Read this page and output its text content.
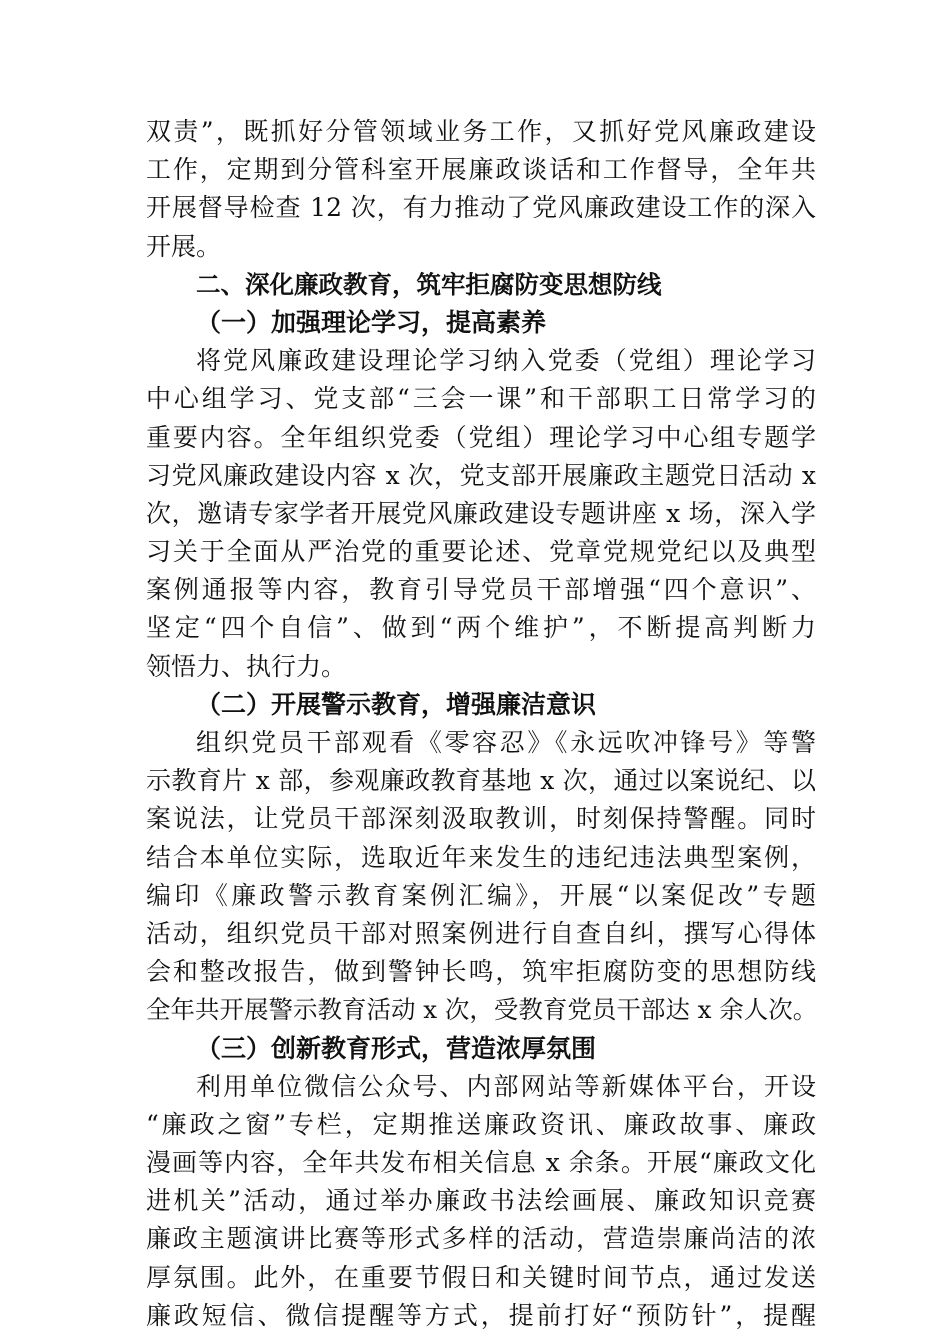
双责”，既抓好分管领域业务工作，又抓好党风廉政建设

工作，定期到分管科室开展廉政谈话和工作督导，全年共

开展督导检查 12 次，有力推动了党风廉政建设工作的深入

开展。

二、深化廉政教育，筑牢拒腐防变思想防线

（一）加强理论学习，提高素养

将党风廉政建设理论学习纳入党委（党组）理论学习

中心组学习、党支部“三会一课”和干部职工日常学习的

重要内容。全年组织党委（党组）理论学习中心组专题学

习党风廉政建设内容 x 次，党支部开展廉政主题党日活动 x

次，邀请专家学者开展党风廉政建设专题讲座 x 场，深入学

习关于全面从严治党的重要论述、党章党规党纪以及典型

案例通报等内容，教育引导党员干部增强“四个意识”、

坚定“四个自信”、做到“两个维护”，不断提高判断力

领悟力、执行力。

（二）开展警示教育，增强廉洁意识

组织党员干部观看《零容忍》《永远吹冲锋号》等警

示教育片 x 部，参观廉政教育基地 x 次，通过以案说纪、以

案说法，让党员干部深刻汲取教训，时刻保持警醒。同时

结合本单位实际，选取近年来发生的违纪违法典型案例，

编印《廉政警示教育案例汇编》，开展“以案促改”专题

活动，组织党员干部对照案例进行自查自纠，撰写心得体

会和整改报告，做到警钟长鸣，筑牢拒腐防变的思想防线

全年共开展警示教育活动 x 次，受教育党员干部达 x 余人次。

（三）创新教育形式，营造浓厚氛围

利用单位微信公众号、内部网站等新媒体平台，开设

“廉政之窗”专栏，定期推送廉政资讯、廉政故事、廉政

漫画等内容，全年共发布相关信息 x 余条。开展“廉政文化

进机关”活动，通过举办廉政书法绘画展、廉政知识竞赛

廉政主题演讲比赛等形式多样的活动，营造崇廉尚洁的浓

厚氛围。此外，在重要节假日和关键时间节点，通过发送

廉政短信、微信提醒等方式，提前打好“预防针”，提醒
